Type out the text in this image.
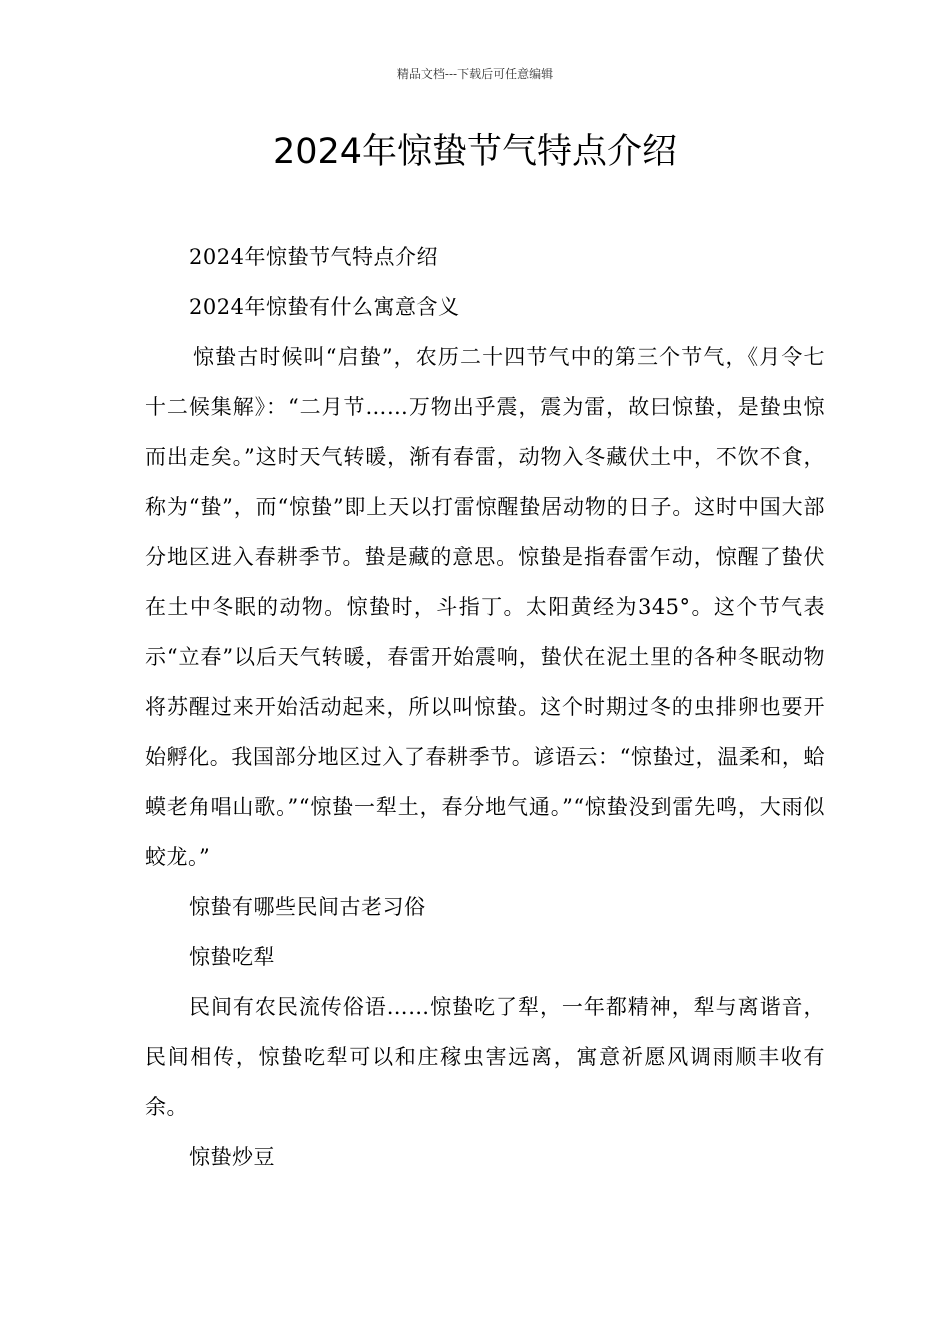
精品文档---下载后可任意编辑
2024年惊蛰节气特点介绍

2024年惊蛰节气特点介绍

2024年惊蛰有什么寓意含义

惊蛰古时候叫“启蛰”，农历二十四节气中的第三个节气，《月令七十二候集解》：“二月节……万物出乎震，震为雷，故曰惊蛰，是蛰虫惊而出走矣。”这时天气转暖，渐有春雷，动物入冬藏伏土中，不饮不食，称为“蛰”，而“惊蛰”即上天以打雷惊醒蛰居动物的日子。这时中国大部分地区进入春耕季节。蛰是藏的意思。惊蛰是指春雷乍动，惊醒了蛰伏在土中冬眠的动物。惊蛰时，斗指丁。太阳黄经为345°。这个节气表示“立春”以后天气转暖，春雷开始震响，蛰伏在泥土里的各种冬眠动物将苏醒过来开始活动起来，所以叫惊蛰。这个时期过冬的虫排卵也要开始孵化。我国部分地区过入了春耕季节。谚语云：“惊蛰过，温柔和，蛤蟆老角唱山歌。”“惊蛰一犁土，春分地气通。”“惊蛰没到雷先鸣，大雨似蛟龙。”

惊蛰有哪些民间古老习俗

惊蛰吃犁

民间有农民流传俗语……惊蛰吃了犁，一年都精神，犁与离谐音，民间相传，惊蛰吃犁可以和庄稼虫害远离，寓意祈愿风调雨顺丰收有余。

惊蛰炒豆
